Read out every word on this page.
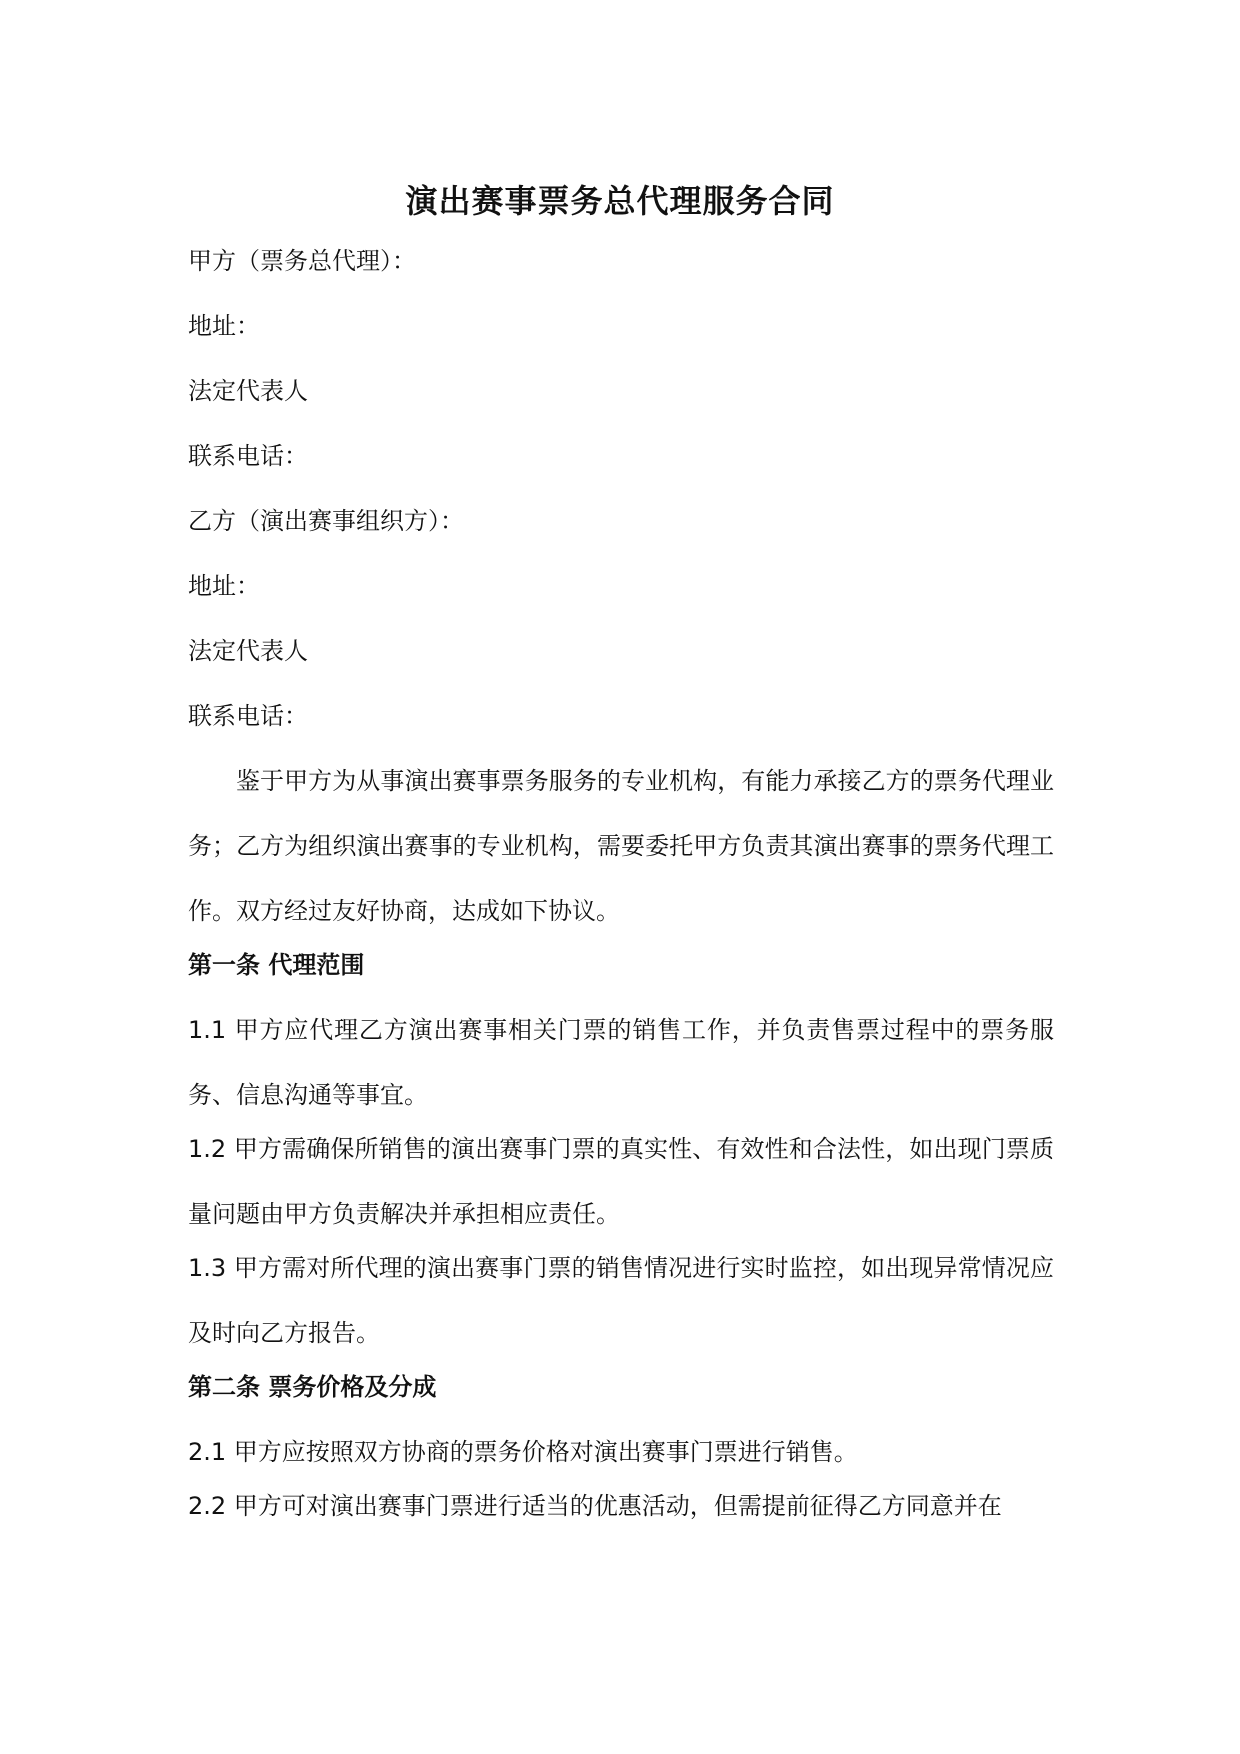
演出赛事票务总代理服务合同
甲方（票务总代理）：
地址：
法定代表人
联系电话：
乙方（演出赛事组织方）：
地址：
法定代表人
联系电话：

鉴于甲方为从事演出赛事票务服务的专业机构，有能力承接乙方的票务代理业务；乙方为组织演出赛事的专业机构，需要委托甲方负责其演出赛事的票务代理工作。双方经过友好协商，达成如下协议。

第一条 代理范围

1.1 甲方应代理乙方演出赛事相关门票的销售工作，并负责售票过程中的票务服务、信息沟通等事宜。

1.2 甲方需确保所销售的演出赛事门票的真实性、有效性和合法性，如出现门票质量问题由甲方负责解决并承担相应责任。

1.3 甲方需对所代理的演出赛事门票的销售情况进行实时监控，如出现异常情况应及时向乙方报告。

第二条 票务价格及分成

2.1 甲方应按照双方协商的票务价格对演出赛事门票进行销售。

2.2 甲方可对演出赛事门票进行适当的优惠活动，但需提前征得乙方同意并在
